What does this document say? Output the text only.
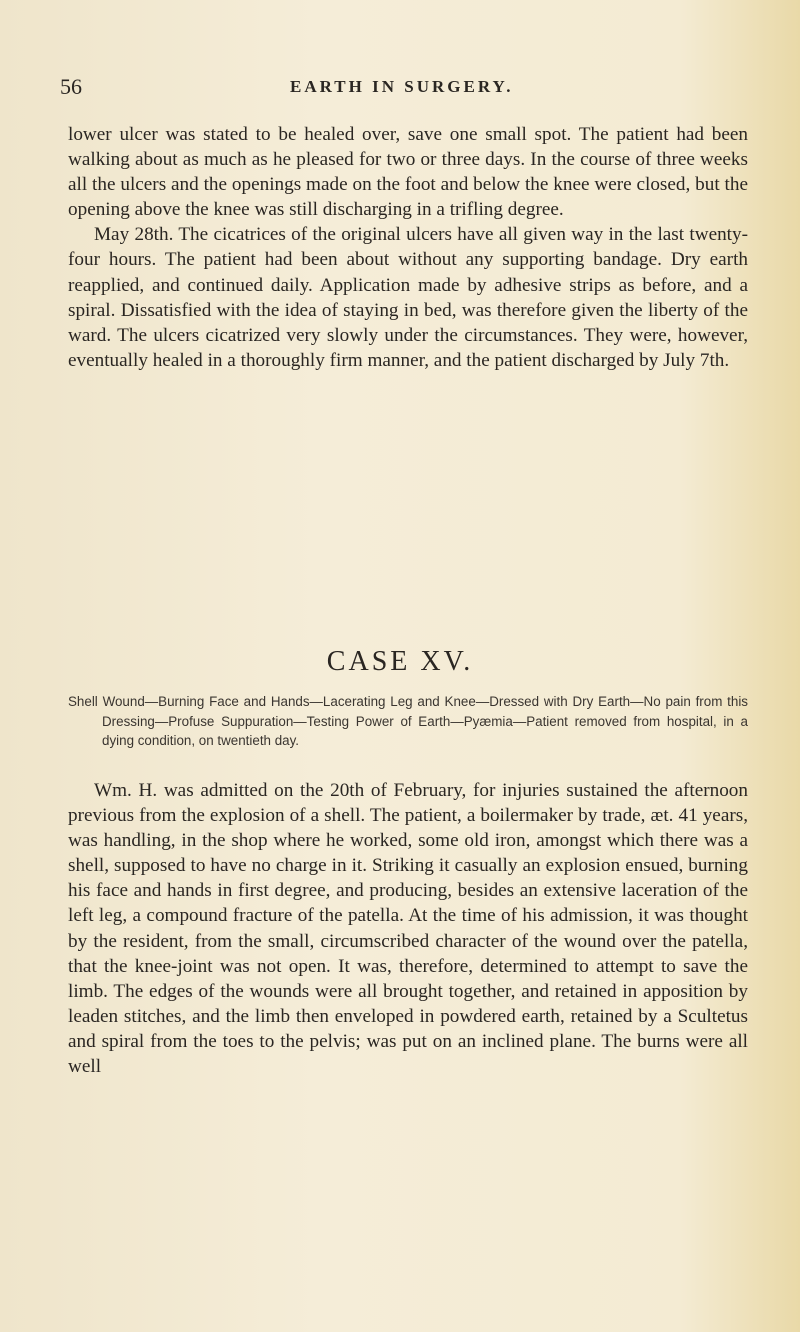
56	EARTH IN SURGERY.

lower ulcer was stated to be healed over, save one small spot. The patient had been walking about as much as he pleased for two or three days. In the course of three weeks all the ulcers and the openings made on the foot and below the knee were closed, but the opening above the knee was still discharging in a trifling degree.

May 28th. The cicatrices of the original ulcers have all given way in the last twenty-four hours. The patient had been about without any supporting bandage. Dry earth reapplied, and continued daily. Application made by adhesive strips as before, and a spiral. Dissatisfied with the idea of staying in bed, was therefore given the liberty of the ward. The ulcers cicatrized very slowly under the circumstances. They were, however, eventually healed in a thoroughly firm manner, and the patient discharged by July 7th.

CASE XV.

Shell Wound—Burning Face and Hands—Lacerating Leg and Knee—Dressed with Dry Earth—No pain from this Dressing—Profuse Suppuration—Testing Power of Earth—Pyæmia—Patient removed from hospital, in a dying condition, on twentieth day.

Wm. H. was admitted on the 20th of February, for injuries sustained the afternoon previous from the explosion of a shell. The patient, a boilermaker by trade, æt. 41 years, was handling, in the shop where he worked, some old iron, amongst which there was a shell, supposed to have no charge in it. Striking it casually an explosion ensued, burning his face and hands in first degree, and producing, besides an extensive laceration of the left leg, a compound fracture of the patella. At the time of his admission, it was thought by the resident, from the small, circumscribed character of the wound over the patella, that the knee-joint was not open. It was, therefore, determined to attempt to save the limb. The edges of the wounds were all brought together, and retained in apposition by leaden stitches, and the limb then enveloped in powdered earth, retained by a Scultetus and spiral from the toes to the pelvis; was put on an inclined plane. The burns were all well
